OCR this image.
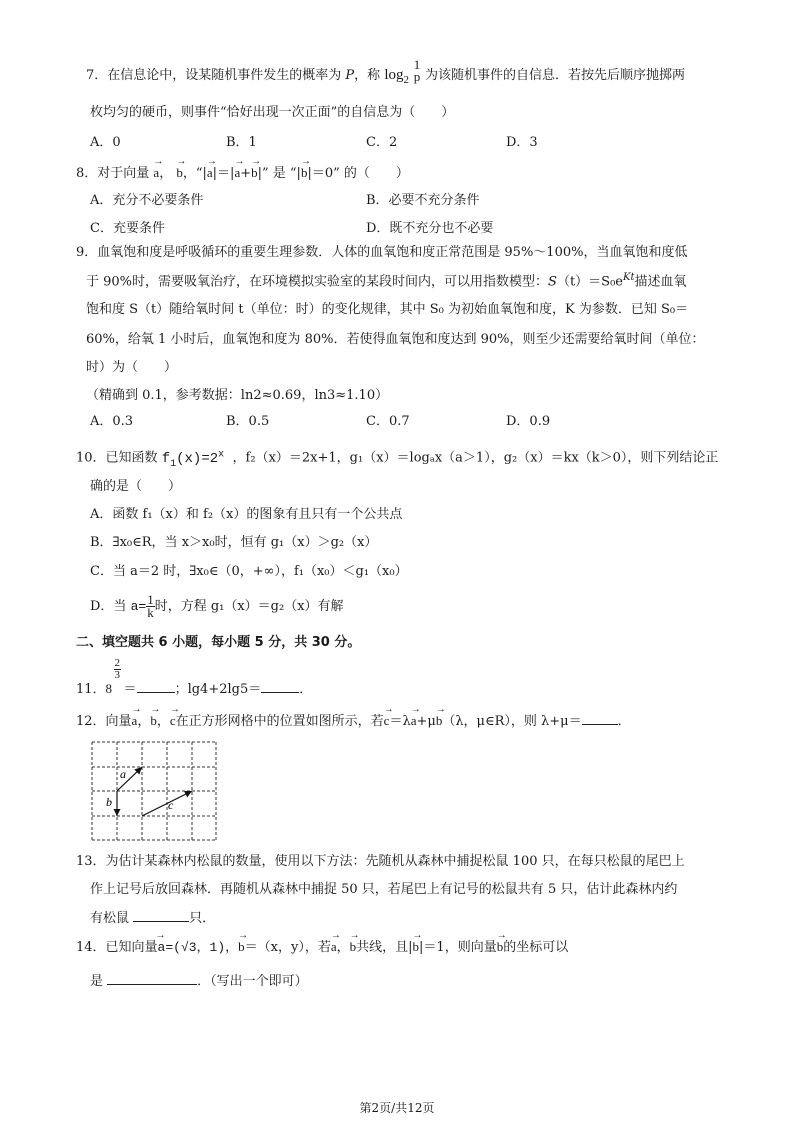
7．在信息论中，设某随机事件发生的概率为 P，称 $\log_2$
1
p 为该随机事件的自信息．若按先后顺序抛掷两
枚均匀的硬币，则事件“恰好出现一次正面”的自信息为（　　）
A．0	B．1	C．2	D．3
8．对于向量 → a， → b，“|→ a|＝|→ a+→ b|” 是 “|→ b|＝0” 的（　　）
A．充分不必要条件	B．必要不充分条件
C．充要条件	D．既不充分也不必要
9．血氧饱和度是呼吸循环的重要生理参数．人体的血氧饱和度正常范围是 95%～100%，当血氧饱和度低
于 90%时，需要吸氧治疗，在环境模拟实验室的某段时间内，可以用指数模型：$S(t)=S_0e^{Kt}$描述血氧
饱和度 S（t）随给氧时间 t（单位：时）的变化规律，其中 S₀ 为初始血氧饱和度，K 为参数．已知 S₀＝
60%，给氧 1 小时后，血氧饱和度为 80%．若使得血氧饱和度达到 90%，则至少还需要给氧时间（单位：
时）为（　　）
（精确到 0.1，参考数据：ln2≈0.69，ln3≈1.10）
A．0.3	B．0.5	C．0.7	D．0.9
10．已知函数 $f_1(x)=2^x$ ，f₂（x）＝2x+1，g₁（x）＝logₐx（a＞1），g₂（x）＝kx（k＞0），则下列结论正
确的是（　　）
A．函数 f₁（x）和 f₂（x）的图象有且只有一个公共点
B．∃x₀∈R，当 x＞x₀时，恒有 g₁（x）＞g₂（x）
C．当 a＝2 时，∃x₀∈（0，+∞），f₁（x₀）＜g₁（x₀）
D．当 $a= \frac{1}{k}$ 时，方程 g₁（x）＝g₂（x）有解
二、填空题共 6 小题，每小题 5 分，共 30 分。
11．8
$\frac{2}{3}$
＝	；lg4+2lg5＝	．
12．向量→ a，→ b，→ c在正方形网格中的位置如图所示，若→ c＝λ→ a+μ→ b（λ，μ∈R），则 λ+μ＝	．
a
b	c
13．为估计某森林内松鼠的数量，使用以下方法：先随机从森林中捕捉松鼠 100 只，在每只松鼠的尾巴上
作上记号后放回森林．再随机从森林中捕捉 50 只，若尾巴上有记号的松鼠共有 5 只，估计此森林内约
有松鼠	只．
14．已知向量→ a=(√3，1)，→ b＝（x，y），若→ a，→ b共线，且|→ b|＝1，则向量→ b的坐标可以
是	．（写出一个即可）
第2页/共12页
